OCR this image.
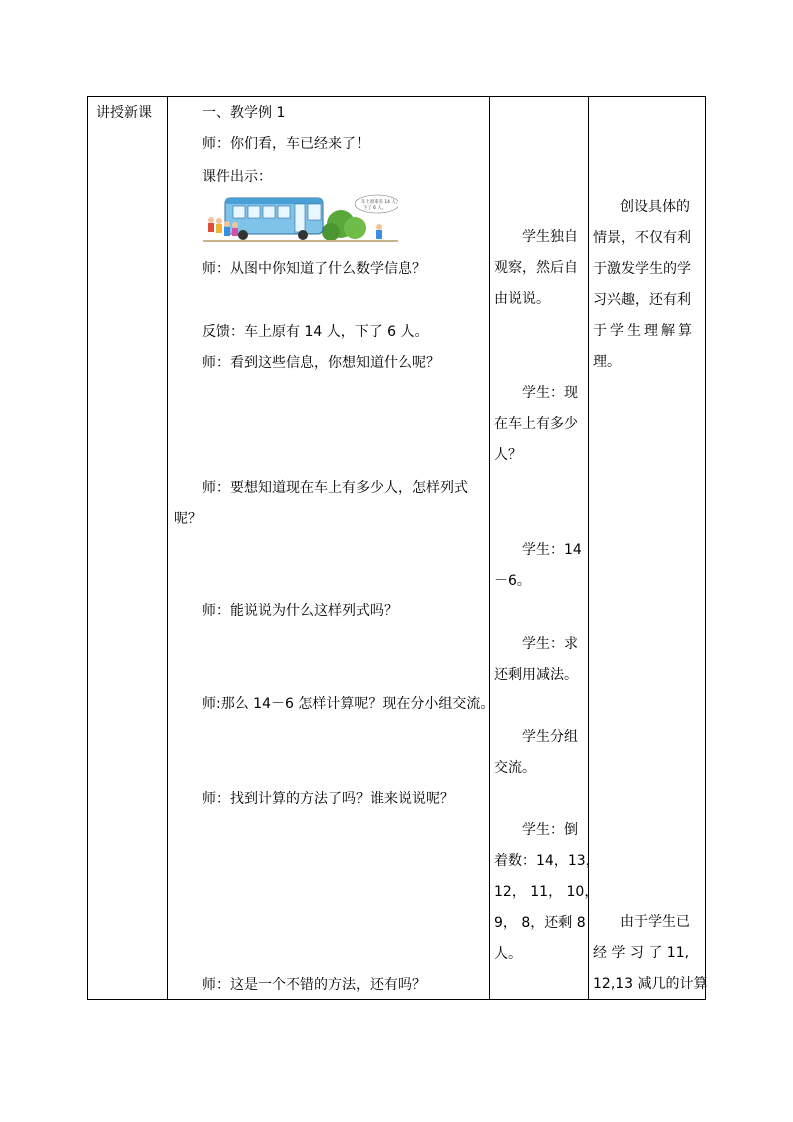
讲授新课	一、教学例 1
师：你们看，车已经来了！
课件出示：
车上原来有 14 人，
下了 6 人。
师：从图中你知道了什么数学信息？
反馈：车上原有 14 人，下了 6 人。
师：看到这些信息，你想知道什么呢？
师：要想知道现在车上有多少人，怎样列式
呢？
师：能说说为什么这样列式吗？
师:那么 14－6 怎样计算呢？现在分小组交流。
师：找到计算的方法了吗？谁来说说呢？
师：这是一个不错的方法，还有吗？
学生独自
观察，然后自
由说说。
学生：现
在车上有多少
人？
学生：14
－6。
学生：求
还剩用减法。
学生分组
交流。
学生：倒
着数：14，13，
12， 11， 10，
9， 8，还剩 8
人。
创设具体的
情景，不仅有利
于激发学生的学
习兴趣，还有利
于学生理解算
理。
由于学生已
经 学 习 了 11,
12,13 减几的计算
